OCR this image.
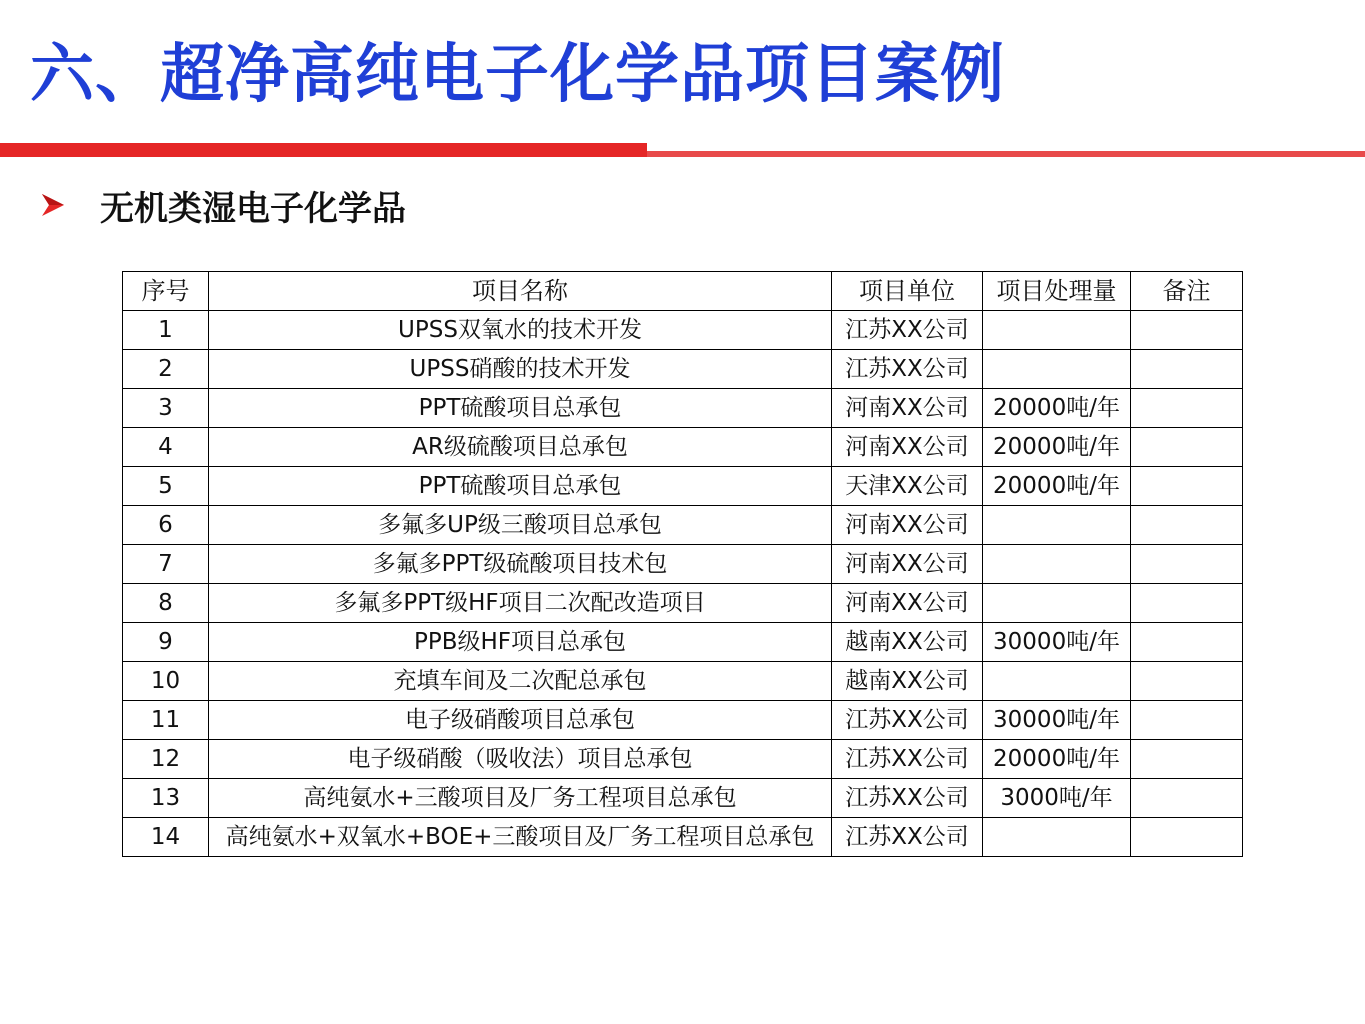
六、超净高纯电子化学品项目案例
无机类湿电子化学品
序号	项目名称	项目单位	项目处理量	备注
1	UPSS双氧水的技术开发	江苏XX公司		
2	UPSS硝酸的技术开发	江苏XX公司		
3	PPT硫酸项目总承包	河南XX公司	20000吨/年	
4	AR级硫酸项目总承包	河南XX公司	20000吨/年	
5	PPT硫酸项目总承包	天津XX公司	20000吨/年	
6	多氟多UP级三酸项目总承包	河南XX公司		
7	多氟多PPT级硫酸项目技术包	河南XX公司		
8	多氟多PPT级HF项目二次配改造项目	河南XX公司		
9	PPB级HF项目总承包	越南XX公司	30000吨/年	
10	充填车间及二次配总承包	越南XX公司		
11	电子级硝酸项目总承包	江苏XX公司	30000吨/年	
12	电子级硝酸（吸收法）项目总承包	江苏XX公司	20000吨/年	
13	高纯氨水+三酸项目及厂务工程项目总承包	江苏XX公司	3000吨/年	
14	高纯氨水+双氧水+BOE+三酸项目及厂务工程项目总承包	江苏XX公司		
